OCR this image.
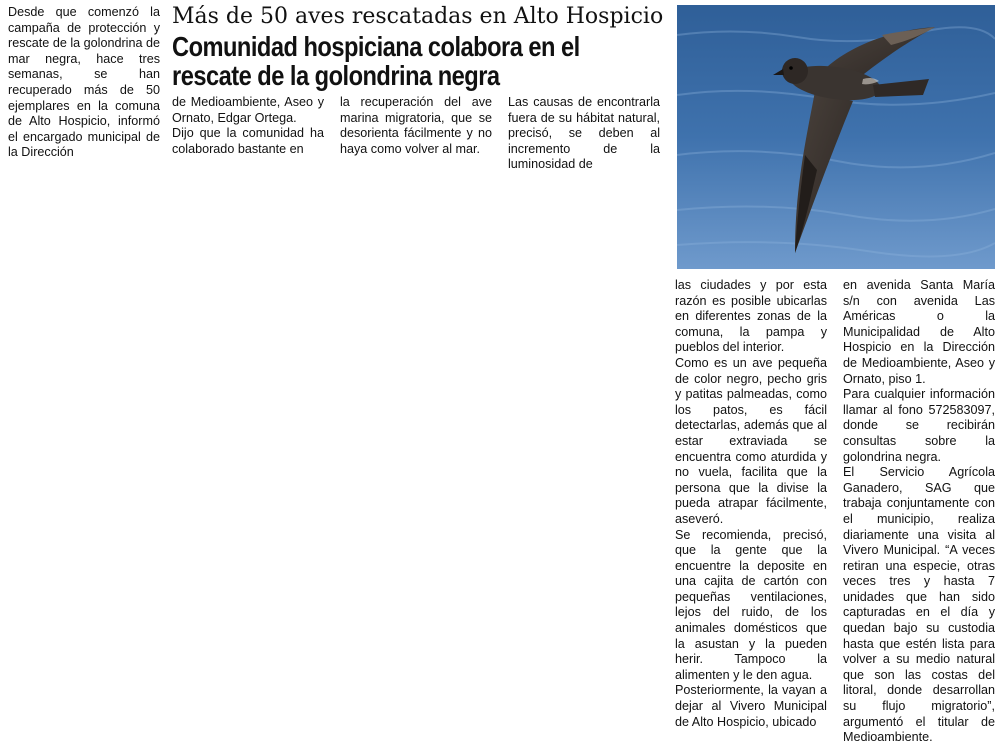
Desde que comenzó la campaña de protección y rescate de la golondrina de mar negra, hace tres semanas, se han recuperado más de 50 ejemplares en la comuna de Alto Hospicio, informó el encargado municipal de la Dirección

Más de 50 aves rescatadas en Alto Hospicio
Comunidad hospiciana colabora en el rescate de la golondrina negra

de Medioambiente, Aseo y Ornato, Edgar Ortega.

Dijo que la comunidad ha colaborado bastante en

la recuperación del ave marina migratoria, que se desorienta fácilmente y no haya como volver al mar.

Las causas de encontrarla fuera de su hábitat natural, precisó, se deben al incremento de la luminosidad de

las ciudades y por esta razón es posible ubicarlas en diferentes zonas de la comuna, la pampa y pueblos del interior.

Como es un ave pequeña de color negro, pecho gris y patitas palmeadas, como los patos, es fácil detectarlas, además que al estar extraviada se encuentra como aturdida y no vuela, facilita que la persona que la divise la pueda atrapar fácilmente, aseveró.

Se recomienda, precisó, que la gente que la encuentre la deposite en una cajita de cartón con pequeñas ventilaciones, lejos del ruido, de los animales domésticos que la asustan y la pueden herir. Tampoco la alimenten y le den agua.

Posteriormente, la vayan a dejar al Vivero Municipal de Alto Hospicio, ubicado

en avenida Santa María s/n con avenida Las Américas o la Municipalidad de Alto Hospicio en la Dirección de Medioambiente, Aseo y Ornato, piso 1.

Para cualquier información llamar al fono 572583097, donde se recibirán consultas sobre la golondrina negra.

El Servicio Agrícola Ganadero, SAG que trabaja conjuntamente con el municipio, realiza diariamente una visita al Vivero Municipal. “A veces retiran una especie, otras veces tres y hasta 7 unidades que han sido capturadas en el día y quedan bajo su custodia hasta que estén lista para volver a su medio natural que son las costas del litoral, donde desarrollan su flujo migratorio”, argumentó el titular de Medioambiente.
